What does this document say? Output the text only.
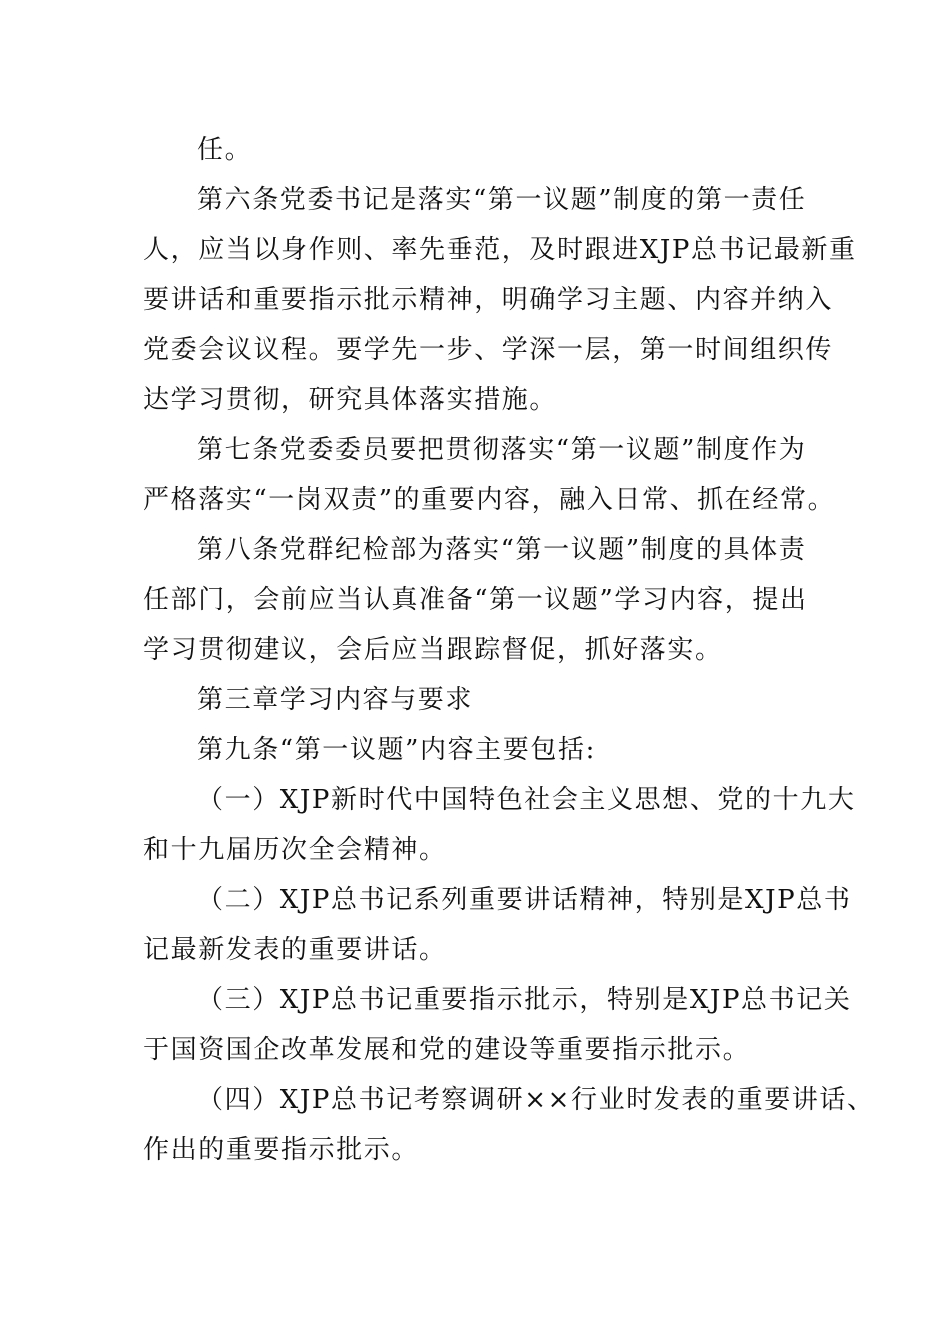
任。
第六条党委书记是落实“第一议题”制度的第一责任
人，应当以身作则、率先垂范，及时跟进XJP总书记最新重
要讲话和重要指示批示精神，明确学习主题、内容并纳入
党委会议议程。要学先一步、学深一层，第一时间组织传
达学习贯彻，研究具体落实措施。
第七条党委委员要把贯彻落实“第一议题”制度作为
严格落实“一岗双责”的重要内容，融入日常、抓在经常。
第八条党群纪检部为落实“第一议题”制度的具体责
任部门，会前应当认真准备“第一议题”学习内容，提出
学习贯彻建议，会后应当跟踪督促，抓好落实。
第三章学习内容与要求
第九条“第一议题”内容主要包括:
（一）XJP新时代中国特色社会主义思想、党的十九大
和十九届历次全会精神。
（二）XJP总书记系列重要讲话精神，特别是XJP总书
记最新发表的重要讲话。
（三）XJP总书记重要指示批示，特别是XJP总书记关
于国资国企改革发展和党的建设等重要指示批示。
（四）XJP总书记考察调研××行业时发表的重要讲话、
作出的重要指示批示。
